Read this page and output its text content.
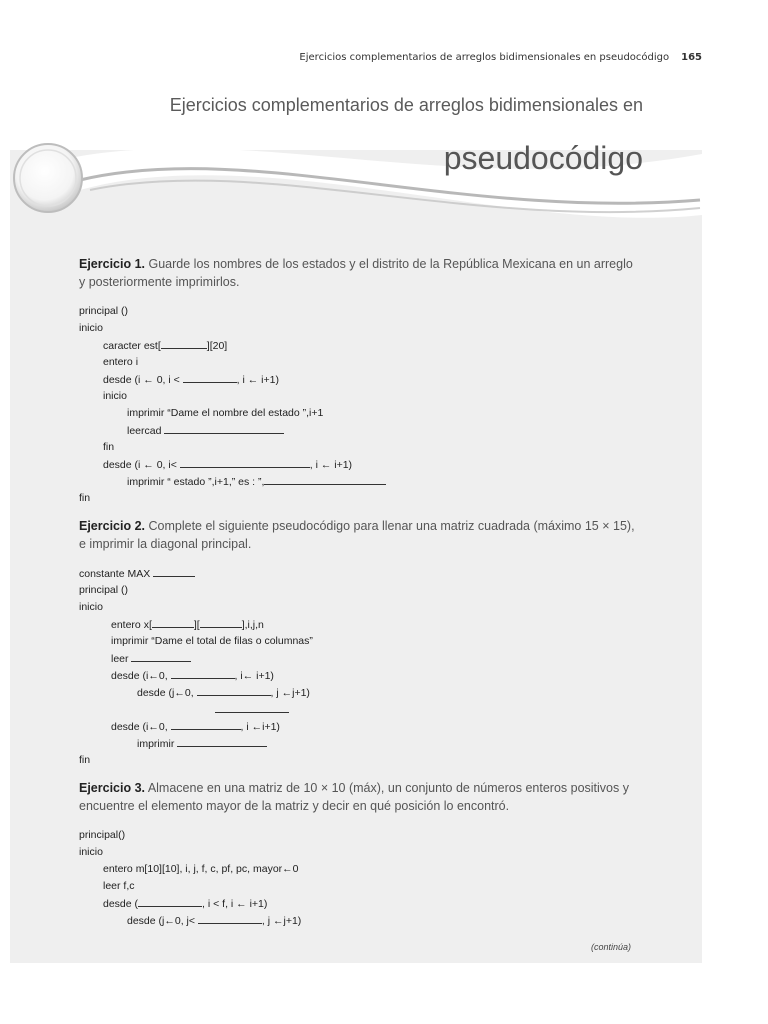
Ejercicios complementarios de arreglos bidimensionales en pseudocódigo 165
Ejercicios complementarios de arreglos bidimensionales en
pseudocódigo

Ejercicio 1. Guarde los nombres de los estados y el distrito de la República Mexicana en un arreglo y posteriormente imprimirlos.

principal ()
inicio
caracter est[	][20]
entero i
desde (i ← 0, i <	, i ← i+1)
inicio
imprimir “Dame el nombre del estado ”,i+1
leercad
fin
desde (i ← 0, i<	, i ← i+1)
imprimir “ estado ”,i+1,” es : ”,
fin

Ejercicio 2. Complete el siguiente pseudocódigo para llenar una matriz cuadrada (máximo 15 × 15), e imprimir la diagonal principal.

constante MAX
principal ()
inicio
entero x[	][	],i,j,n
imprimir “Dame el total de filas o columnas”
leer
desde (i←0,	, i← i+1)
desde (j←0,	, j ←j+1)
desde (i←0,	, i ←i+1)
imprimir
fin

Ejercicio 3. Almacene en una matriz de 10 × 10 (máx), un conjunto de números enteros positivos y encuentre el elemento mayor de la matriz y decir en qué posición lo encontró.

principal()
inicio
entero m[10][10], i, j, f, c, pf, pc, mayor←0
leer f,c
desde (	, i < f, i ← i+1)
desde (j←0, j<	, j ←j+1)
(continúa)
